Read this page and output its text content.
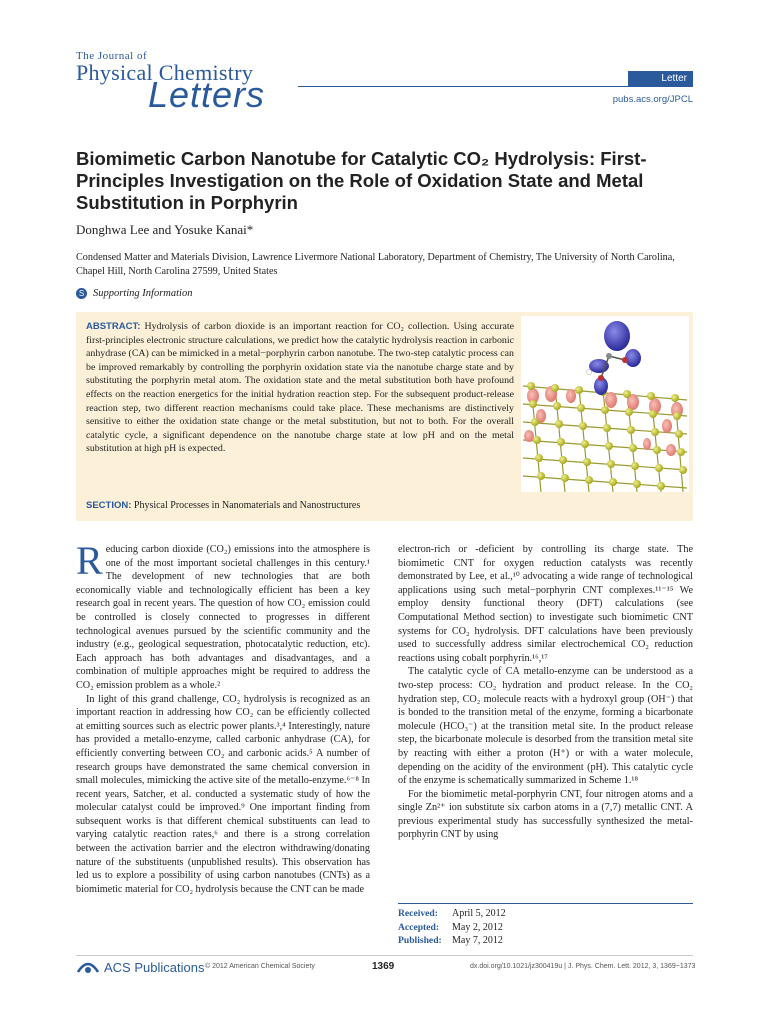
The Journal of
Physical Chemistry
Letters	Letter
pubs.acs.org/JPCL
Biomimetic Carbon Nanotube for Catalytic CO₂ Hydrolysis: First-Principles Investigation on the Role of Oxidation State and Metal Substitution in Porphyrin
Donghwa Lee and Yosuke Kanai*
Condensed Matter and Materials Division, Lawrence Livermore National Laboratory, Department of Chemistry, The University of North Carolina, Chapel Hill, North Carolina 27599, United States
S Supporting Information
ABSTRACT: Hydrolysis of carbon dioxide is an important reaction for CO₂ collection. Using accurate first-principles electronic structure calculations, we predict how the catalytic hydrolysis reaction in carbonic anhydrase (CA) can be mimicked in a metal−porphyrin carbon nanotube. The two-step catalytic process can be improved remarkably by controlling the porphyrin oxidation state via the nanotube charge state and by substituting the porphyrin metal atom. The oxidation state and the metal substitution both have profound effects on the reaction energetics for the initial hydration reaction step. For the subsequent product-release reaction step, two different reaction mechanisms could take place. These mechanisms are distinctively sensitive to either the oxidation state change or the metal substitution, but not to both. For the overall catalytic cycle, a significant dependence on the nanotube charge state at low pH and on the metal substitution at high pH is expected.
SECTION: Physical Processes in Nanomaterials and Nanostructures

Reducing carbon dioxide (CO₂) emissions into the atmosphere is one of the most important societal challenges in this century.¹ The development of new technologies that are both economically viable and technologically efficient has been a key research goal in recent years. The question of how CO₂ emission could be controlled is closely connected to progresses in different technological avenues pursued by the scientific community and the industry (e.g., geological sequestration, photocatalytic reduction, etc). Each approach has both advantages and disadvantages, and a combination of multiple approaches might be required to address the CO₂ emission problem as a whole.²

In light of this grand challenge, CO₂ hydrolysis is recognized as an important reaction in addressing how CO₂ can be efficiently collected at emitting sources such as electric power plants.³,⁴ Interestingly, nature has provided a metallo-enzyme, called carbonic anhydrase (CA), for efficiently converting between CO₂ and carbonic acids.⁵ A number of research groups have demonstrated the same chemical conversion in small molecules, mimicking the active site of the metallo-enzyme.⁶⁻⁸ In recent years, Satcher, et al. conducted a systematic study of how the molecular catalyst could be improved.⁹ One important finding from subsequent works is that different chemical substituents can lead to varying catalytic reaction rates,⁶ and there is a strong correlation between the activation barrier and the electron withdrawing/donating nature of the substituents (unpublished results). This observation has led us to explore a possibility of using carbon nanotubes (CNTs) as a biomimetic material for CO₂ hydrolysis because the CNT can be made

electron-rich or -deficient by controlling its charge state. The biomimetic CNT for oxygen reduction catalysts was recently demonstrated by Lee, et al.,¹⁰ advocating a wide range of technological applications using such metal−porphyrin CNT complexes.¹¹⁻¹⁵ We employ density functional theory (DFT) calculations (see Computational Method section) to investigate such biomimetic CNT systems for CO₂ hydrolysis. DFT calculations have been previously used to successfully address similar electrochemical CO₂ reduction reactions using cobalt porphyrin.¹⁶,¹⁷

The catalytic cycle of CA metallo-enzyme can be understood as a two-step process: CO₂ hydration and product release. In the CO₂ hydration step, CO₂ molecule reacts with a hydroxyl group (OH⁻) that is bonded to the transition metal of the enzyme, forming a bicarbonate molecule (HCO₃⁻) at the transition metal site. In the product release step, the bicarbonate molecule is desorbed from the transition metal site by reacting with either a proton (H⁺) or with a water molecule, depending on the acidity of the environment (pH). This catalytic cycle of the enzyme is schematically summarized in Scheme 1.¹⁸

For the biomimetic metal-porphyrin CNT, four nitrogen atoms and a single Zn²⁺ ion substitute six carbon atoms in a (7,7) metallic CNT. A previous experimental study has successfully synthesized the metal-porphyrin CNT by using

Received: April 5, 2012
Accepted: May 2, 2012
Published: May 7, 2012
ACS Publications © 2012 American Chemical Society	1369	dx.doi.org/10.1021/jz300419u | J. Phys. Chem. Lett. 2012, 3, 1369−1373
